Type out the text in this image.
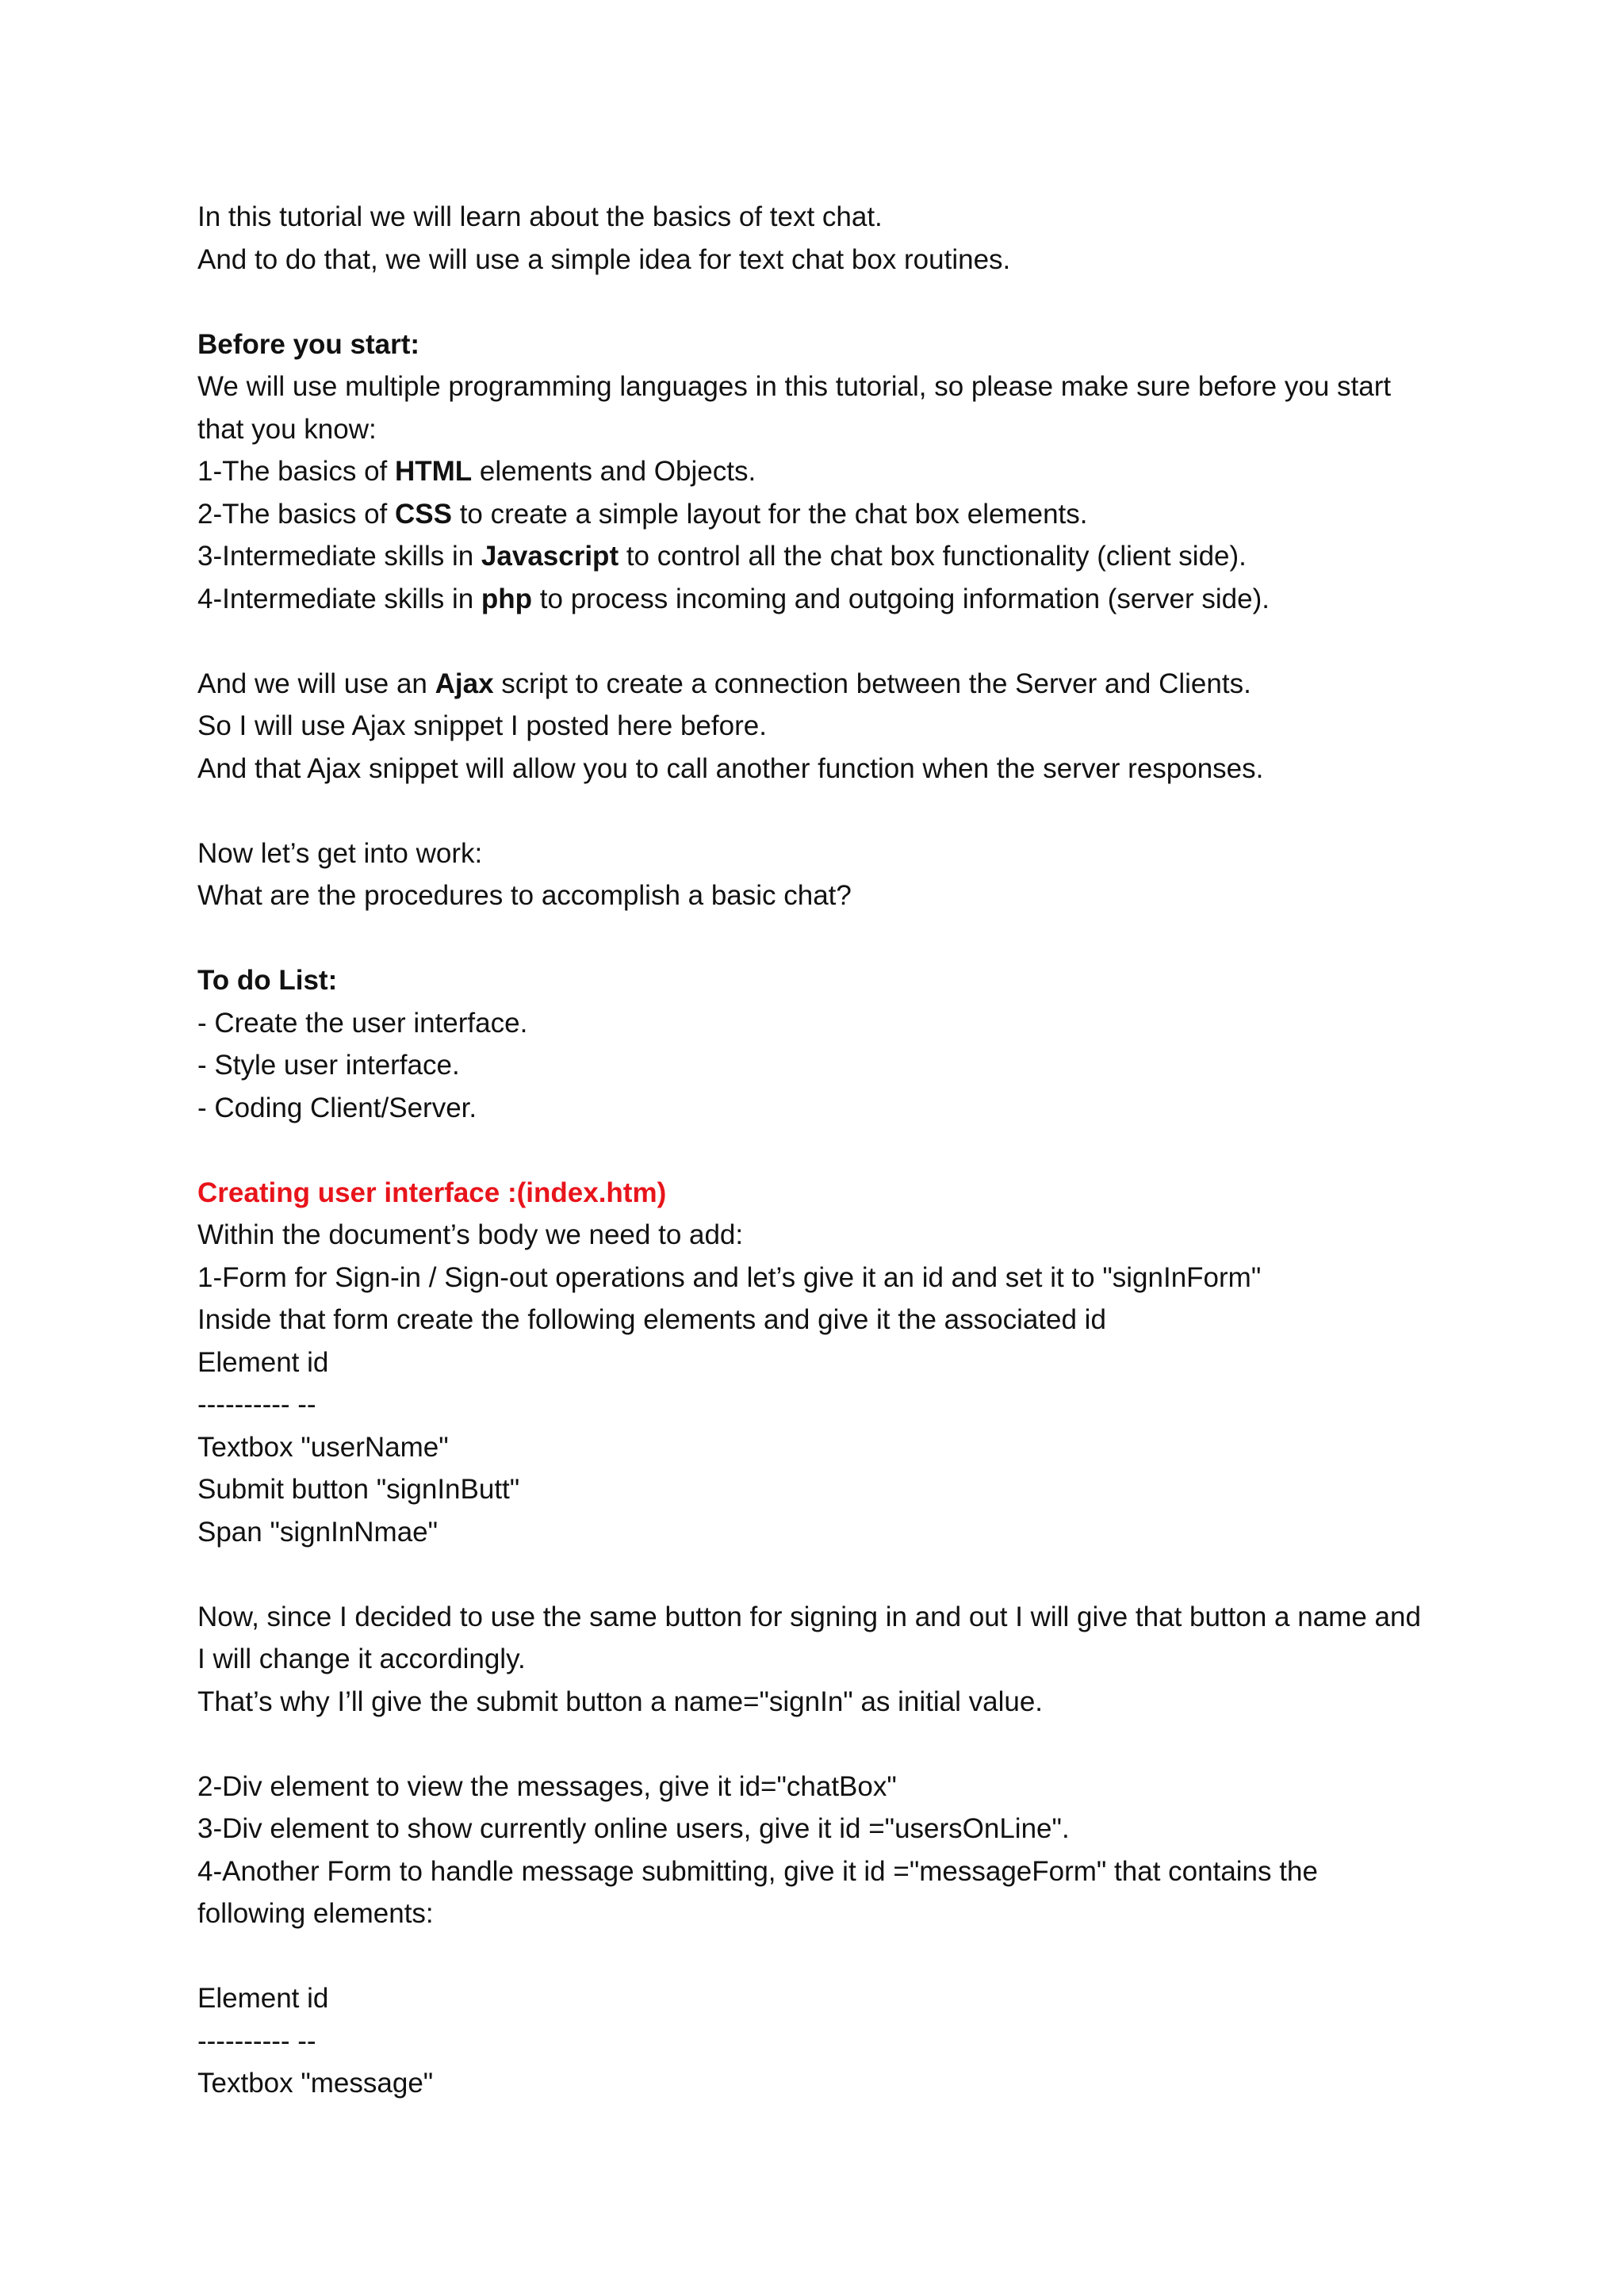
In this tutorial we will learn about the basics of text chat.
And to do that, we will use a simple idea for text chat box routines.
Before you start:
We will use multiple programming languages in this tutorial, so please make sure before you start
that you know:
1-The basics of HTML elements and Objects.
2-The basics of CSS to create a simple layout for the chat box elements.
3-Intermediate skills in Javascript to control all the chat box functionality (client side).
4-Intermediate skills in php to process incoming and outgoing information (server side).
And we will use an Ajax script to create a connection between the Server and Clients.
So I will use Ajax snippet I posted here before.
And that Ajax snippet will allow you to call another function when the server responses.
Now let’s get into work:
What are the procedures to accomplish a basic chat?
To do List:
- Create the user interface.
- Style user interface.
- Coding Client/Server.
Creating user interface :(index.htm)
Within the document’s body we need to add:
1-Form for Sign-in / Sign-out operations and let’s give it an id and set it to "signInForm"
Inside that form create the following elements and give it the associated id
Element id
---------- --
Textbox "userName"
Submit button "signInButt"
Span "signInNmae"
Now, since I decided to use the same button for signing in and out I will give that button a name and
I will change it accordingly.
That’s why I’ll give the submit button a name="signIn" as initial value.
2-Div element to view the messages, give it id="chatBox"
3-Div element to show currently online users, give it id ="usersOnLine".
4-Another Form to handle message submitting, give it id ="messageForm" that contains the
following elements:
Element id
---------- --
Textbox "message"
